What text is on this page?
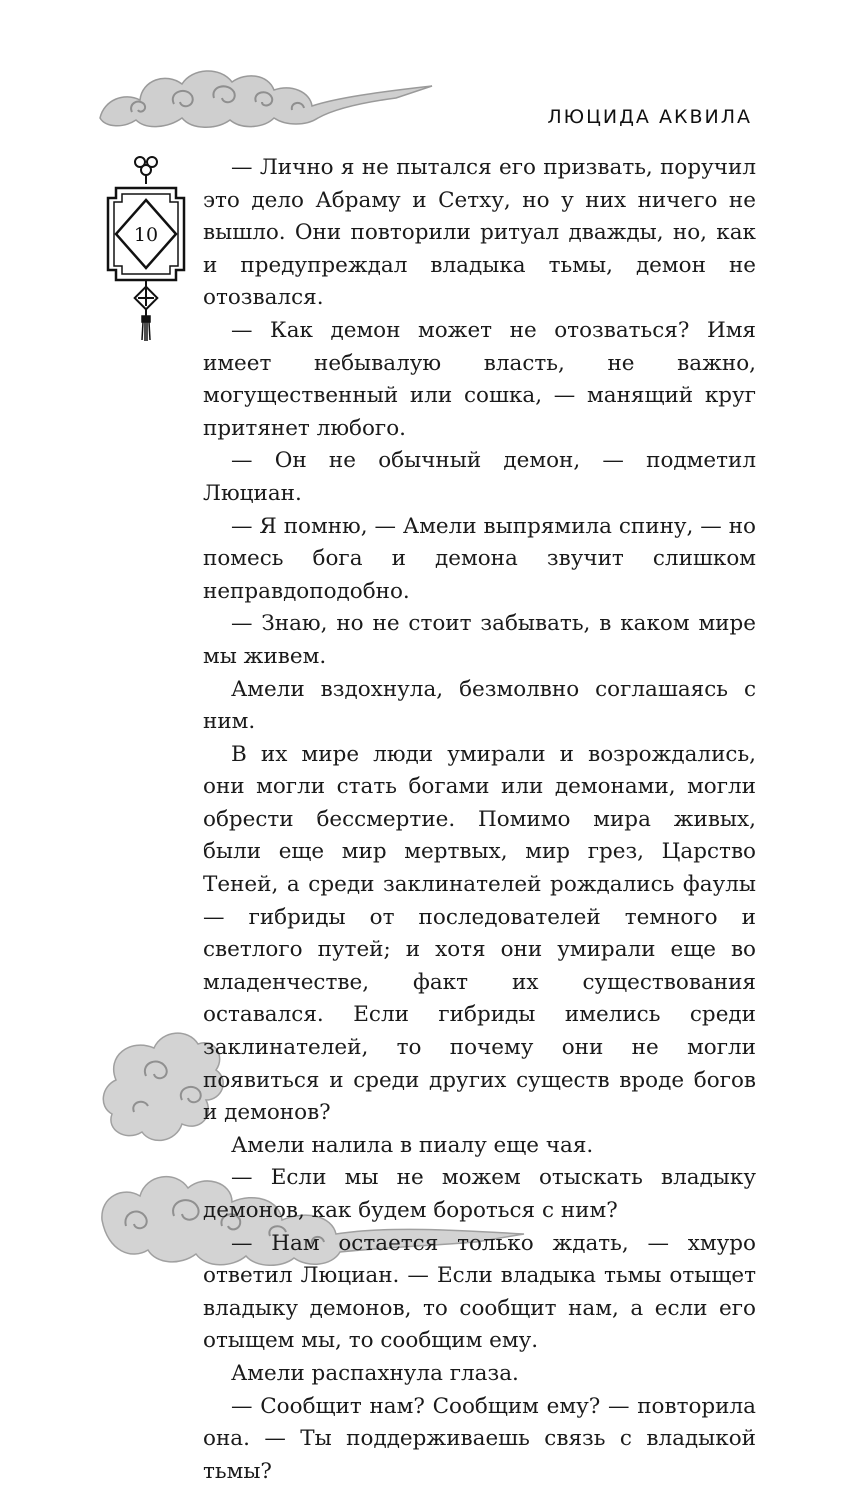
ЛЮЦИДА АКВИЛА
10

— Лично я не пытался его призвать, поручил это дело Абраму и Сетху, но у них ничего не вышло. Они повторили ритуал дважды, но, как и предупреждал владыка тьмы, демон не отозвался.

— Как демон может не отозваться? Имя имеет небывалую власть, не важно, могущественный или сошка, — манящий круг притянет любого.

— Он не обычный демон, — подметил Люциан.

— Я помню, — Амели выпрямила спину, — но помесь бога и демона звучит слишком неправдоподобно.

— Знаю, но не стоит забывать, в каком мире мы живем.

Амели вздохнула, безмолвно соглашаясь с ним.

В их мире люди умирали и возрождались, они могли стать богами или демонами, могли обрести бессмертие. Помимо мира живых, были еще мир мертвых, мир грез, Царство Теней, а среди заклинателей рождались фаулы — гибриды от последователей темного и светлого путей; и хотя они умирали еще во младенчестве, факт их существования оставался. Если гибриды имелись среди заклинателей, то почему они не могли появиться и среди других существ вроде богов и демонов?

Амели налила в пиалу еще чая.

— Если мы не можем отыскать владыку демонов, как будем бороться с ним?

— Нам остается только ждать, — хмуро ответил Люциан. — Если владыка тьмы отыщет владыку демонов, то сообщит нам, а если его отыщем мы, то сообщим ему.

Амели распахнула глаза.

— Сообщит нам? Сообщим ему? — повторила она. — Ты поддерживаешь связь с владыкой тьмы?
